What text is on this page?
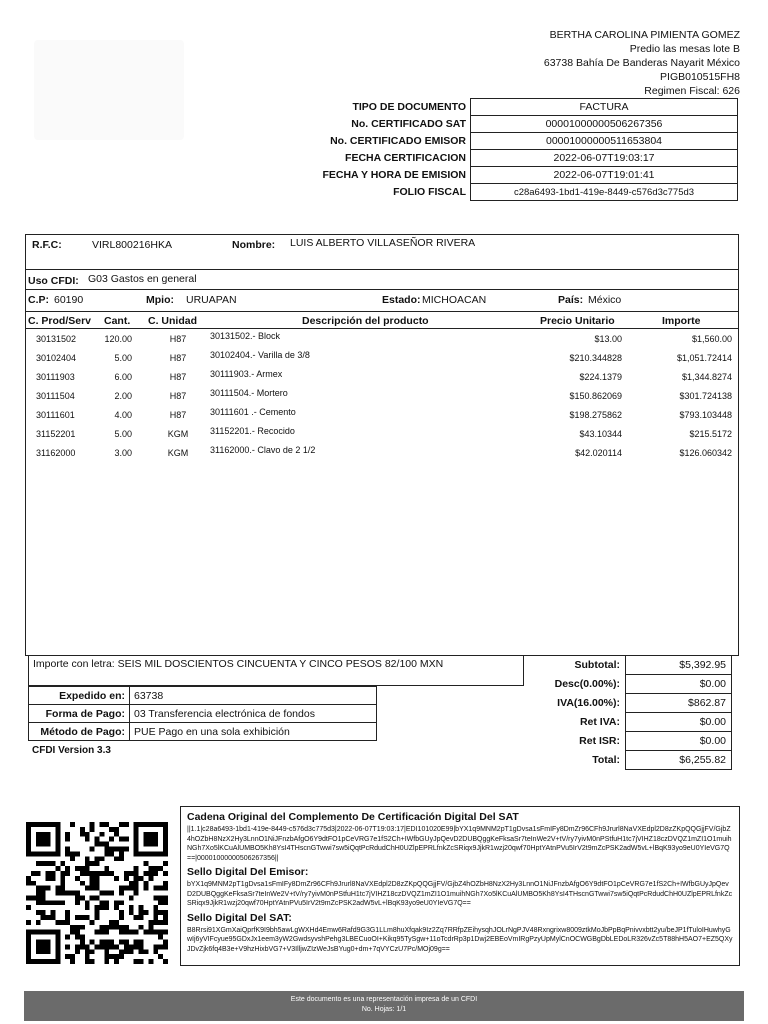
BERTHA CAROLINA PIMIENTA GOMEZ
Predio las mesas lote B
63738 Bahía De Banderas Nayarit México
PIGB010515FH8
Regimen Fiscal: 626
TIPO DE DOCUMENTO	FACTURA
No. CERTIFICADO SAT	00001000000506267356
No. CERTIFICADO EMISOR	00001000000511653804
FECHA CERTIFICACION	2022-06-07T19:03:17
FECHA Y HORA DE EMISION	2022-06-07T19:01:41
FOLIO FISCAL	c28a6493-1bd1-419e-8449-c576d3c775d3
R.F.C:	VIRL800216HKA	Nombre: LUIS ALBERTO VILLASEÑOR RIVERA
Uso CFDI: G03 Gastos en general
C.P: 60190	Mpio: URUAPAN	Estado: MICHOACAN	País: México
C. Prod/Serv Cant. C. Unidad	Descripción del producto	Precio Unitario	Importe
30131502	120.00	H87	30131502.- Block	$13.00	$1,560.00
30102404	5.00	H87	30102404.- Varilla de 3/8	$210.344828	$1,051.72414
30111903	6.00	H87	30111903.- Armex	$224.1379	$1,344.8274
30111504	2.00	H87	30111504.- Mortero	$150.862069	$301.724138
30111601	4.00	H87	30111601 .- Cemento	$198.275862	$793.103448
31152201	5.00	KGM	31152201.- Recocido	$43.10344	$215.5172
31162000	3.00	KGM	31162000.- Clavo de 2 1/2	$42.020114	$126.060342
Importe con letra: SEIS MIL DOSCIENTOS CINCUENTA Y CINCO PESOS 82/100 MXN	Subtotal:	$5,392.95
Desc(0.00%):	$0.00
IVA(16.00%):	$862.87
Ret IVA:	$0.00
Ret ISR:	$0.00
Total:	$6,255.82
Expedido en:	63738
Forma de Pago:	03 Transferencia electrónica de fondos
Método de Pago:	PUE Pago en una sola exhibición
CFDI Version 3.3
Cadena Original del Complemento De Certificación Digital Del SAT

||1.1|c28a6493-1bd1-419e-8449-c576d3c775d3|2022-06-07T19:03:17|EDI101020E99|bYX1q9MNM2pT1gDvsa1sFmIFy8DmZr96CFh9Jrurl8NaVXEdpl2D8zZKpQQGjjFV/GjbZ4hOZbH8NzX2Hy3LnnO1NiJFnzbAfgO6Y9dtFO1pCeVRG7e1fS2Ch+IWfbGUyJpQevD2DUBQggKeFksaSr7teInWe2V+tV/ry7yivM0nPStfuH1tc7jVIHZ18czDVQZ1mZI1O1muihNGh7Xo5lKCuAlUMBO5Kh8YsI4THscnGTwwi7sw5iQqtPcRdudChH0UZlpEPRLfnkZcSRiqx9JjkR1wzj20qwf70HptYAtnPVu5IrV2t9mZcPSK2adW5vL+lBqK93yo9eU0YIeVG7Q==|00001000000506267356||

Sello Digital Del Emisor:

bYX1q9MNM2pT1gDvsa1sFmIFy8DmZr96CFh9Jrurl8NaVXEdpl2D8zZKpQQGjjFV/GjbZ4hOZbH8NzX2Hy3LnnO1NiJFnzbAfgO6Y9dtFO1pCeVRG7e1fS2Ch+IWfbGUyJpQevD2DUBQggKeFksaSr7teInWe2V+tV/ry7yivM0nPStfuH1tc7jVIHZ18czDVQZ1mZI1O1muihNGh7Xo5lKCuAlUMBO5Kh8YsI4THscnGTwwi7sw5iQqtPcRdudChH0UZlpEPRLfnkZcSRiqx9JjkR1wzj20qwf70HptYAtnPVu5IrV2t9mZcPSK2adW5vL+lBqK93yo9eU0YIeVG7Q==

Sello Digital Del SAT:

B8Rrsi91XGmXaiQprfK9I9bh5awLgWXHd4Emw6Rafd9G3G1LLm8huXfqak9Iz2Zq7RRfpZEihysqhJOLrNgPJV48Rxngrixw8009ztkMoJbPpBqPnivvxbtt2yu/beJP1fTuloIHuwhyGwIj6yVIFcyue95GDxJx1eem3yW2GwdsyvshPehg3LBECuoOI+Kikq95TySgw+11oTcdrRp3p1Dwj2EBEoVmIRgPzyUpMylCnOCWGBgDbLEDoLR326vZc5T88hH5AO7+EZ5QXyJDvZjk6fq4B3e+V9hzHixbVG7+V3IlljwZIzWeJsBYug0+dm+7qVYCzU7Pc/MOj09g==

Este documento es una representación impresa de un CFDI
No. Hojas: 1/1
